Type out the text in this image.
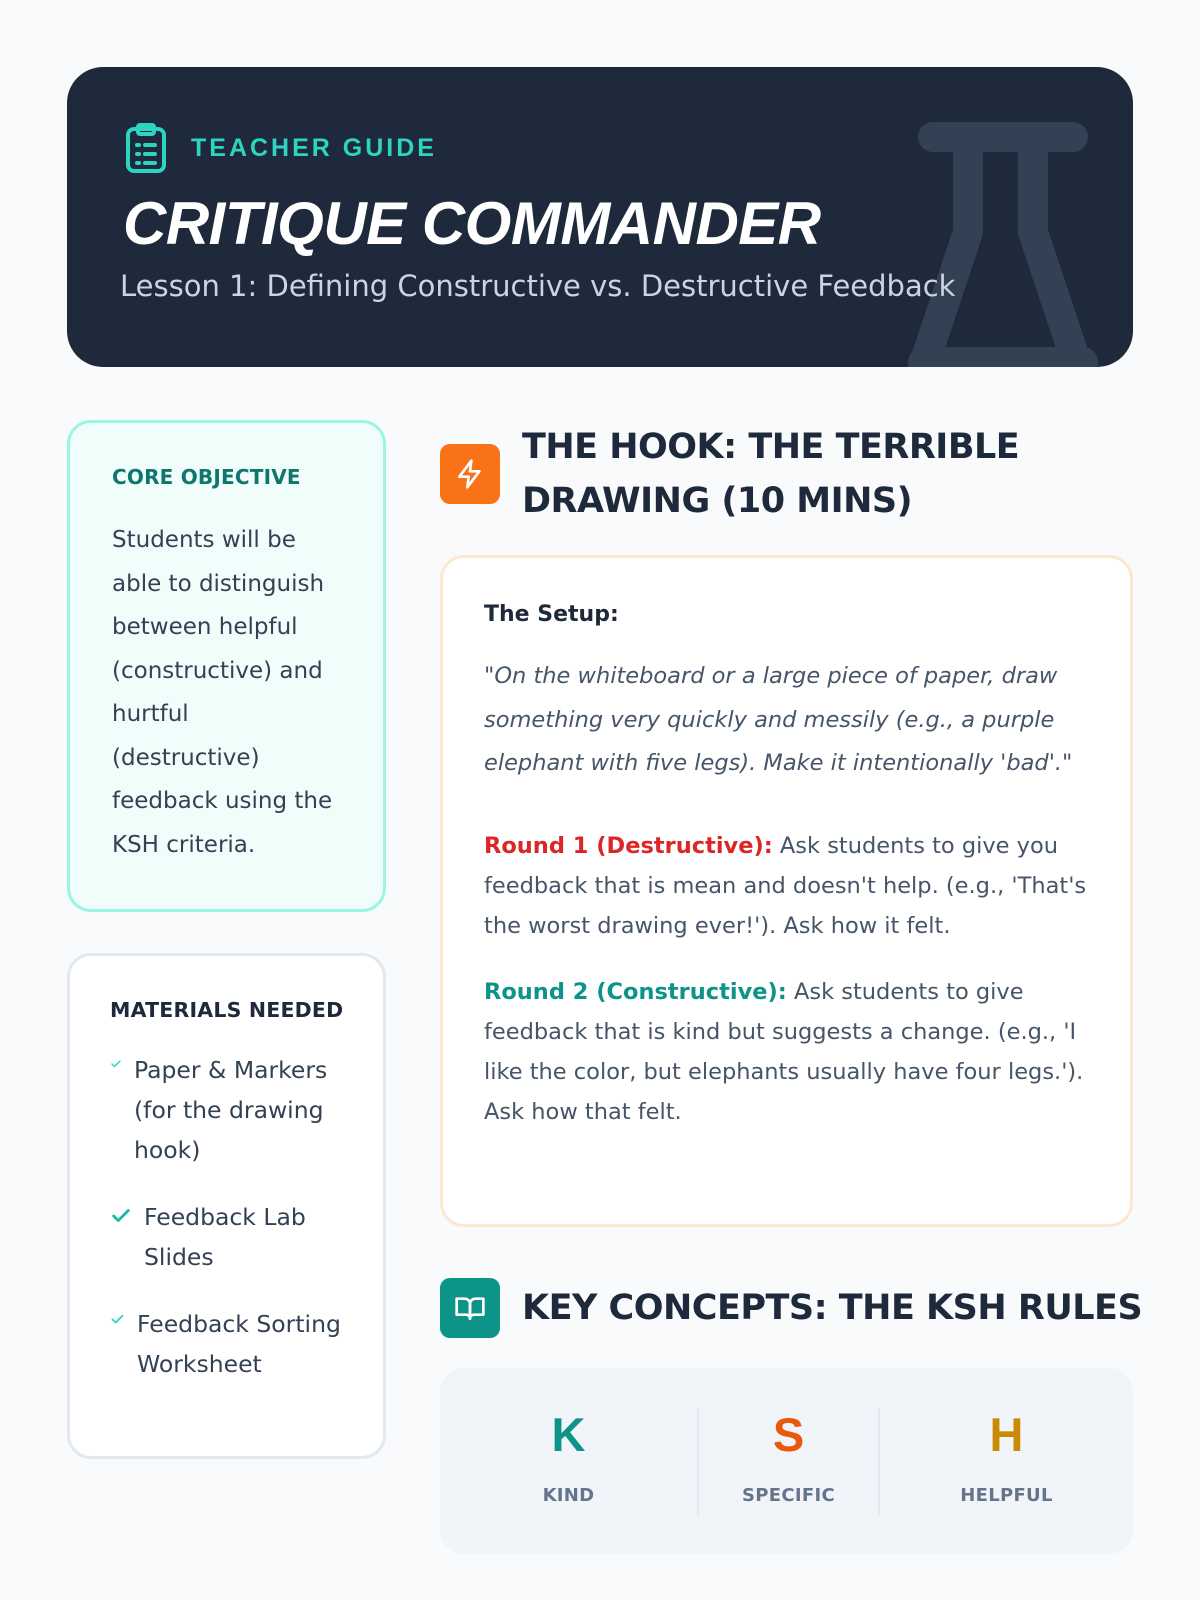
TEACHER GUIDE
CRITIQUE COMMANDER
Lesson 1: Defining Constructive vs. Destructive Feedback
CORE OBJECTIVE
Students will be able to distinguish between helpful (constructive) and hurtful (destructive) feedback using the KSH criteria.
MATERIALS NEEDED
Paper & Markers (for the drawing hook)
Feedback Lab Slides
Feedback Sorting Worksheet
THE HOOK: THE TERRIBLE DRAWING (10 MINS)
The Setup:
"On the whiteboard or a large piece of paper, draw something very quickly and messily (e.g., a purple elephant with five legs). Make it intentionally 'bad'."
Round 1 (Destructive): Ask students to give you feedback that is mean and doesn't help. (e.g., 'That's the worst drawing ever!'). Ask how it felt.
Round 2 (Constructive): Ask students to give feedback that is kind but suggests a change. (e.g., 'I like the color, but elephants usually have four legs.'). Ask how that felt.
KEY CONCEPTS: THE KSH RULES
K
KIND
S
SPECIFIC
H
HELPFUL
